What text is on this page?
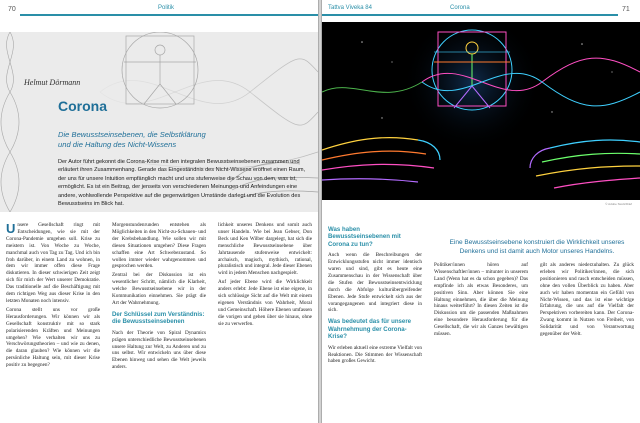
70	Politik
Helmut Dörmann
Corona
Die Bewusstseinsebenen, die Selbstklärung
und die Haltung des Nicht-Wissens

Der Autor führt gekonnt die Corona-Krise mit den integralen Bewusstseinsebenen zusammen und erläutert ihren Zusammenhang. Gerade das Eingeständnis des Nicht-Wissens eröffnet einen Raum, der uns für unsere Intuition empfänglich macht und uns stufenweise die Schau von dem, was ist, ermöglicht. Es ist ein Beitrag, der jenseits von verschiedenen Meinungen und Anfeindungen eine andere, wohlwollende Perspektive auf die gegenwärtigen Umstände darlegt und die Evolution des Bewusstseins im Blick hat.

Unsere Gesellschaft ringt mit Entscheidungen, wie sie mit der Corona-Pandemie umgehen soll. Krise zu meistern ist. Von Woche zu Woche, manchmal auch von Tag zu Tag. Und ich bin froh darüber, in einem Land zu wohnen, in dem wir immer offen diese Frage diskutieren. In dieser schwierigen Zeit zeigt sich für mich der Wert unserer Demokratie. Das traditionelle auf die Beschäftigung mit dem richtigen Weg aus dieser Krise in den letzten Monaten noch intensiv.

Corona stellt uns vor große Herausforderungen. Wir können wir als Gesellschaft konstruktiv mit so stark polarisierenden Kräften und Meinungen umgehen? Wie verhalten wir uns zu Verschwörungstheorien – und wie zu denen, die daran glauben? Wie können wir die persönliche Haltung sein, mit dieser Krise positiv zu begegnen?

Morgenstundenrunden entstehen als Möglichkeiten in den Nicht-zu-Schauen- und der Krebsbehandlung. Wie sollen wir mit diesen Situationen umgehen? Diese Fragen schaffen eine Art Schwebezustand. So wollen immer wieder wahrgenommen und gesprochen werden.

Zentral bei der Diskussion ist ein wesentlicher Schritt, nämlich die Klarheit, welche Bewusstseinsebene wir in der Kommunikation einnehmen. Sie prägt die Art der Wahrnehmung.

Der Schlüssel zum Verständnis: die Bewusstseinsebenen

Nach der Theorie von Spiral Dynamics prägen unterschiedliche Bewusstseinsebenen unsere Haltung zur Welt, zu Anderen und zu uns selbst. Wir entwickeln uns über diese Ebenen hinweg und sehen die Welt jeweils anders.

lichkeit unseres Denkens und somit auch unser Handeln. Wie bei Jean Gebser, Don Beck und Ken Wilber dargelegt, hat sich die menschliche Bewusstseinsebene über Jahrtausende stufenweise entwickelt: archaisch, magisch, mythisch, rational, pluralistisch und integral. Jede dieser Ebenen wird in jedem Menschen nachgespielt.

Auf jeder Ebene wird die Wirklichkeit anders erlebt: Jede Ebene ist eine eigene, in sich schlüssige Sicht auf die Welt mit einem eigenen Verständnis von Wahrheit, Moral und Gemeinschaft. Höhere Ebenen umfassen die vorigen und gehen über sie hinaus, ohne sie zu verwerfen.

Tattva Viveka 84	Corona	71
© Adobe Stock/Dilef
Eine Bewusstseinsebene konstruiert die Wirklichkeit unseres Denkens und ist damit auch Motor unseres Handelns.
Was haben Bewusstseinsebenen mit Corona zu tun?

Auch wenn die Beschreibungen der Entwicklungsstufen nicht immer identisch waren und sind, gibt es heute eine Zusammenschau in der Wissenschaft über die Stufen der Bewusstseinsentwicklung durch die Abfolge kulturübergreifender Ebenen. Jede Stufe entwickelt sich aus der vorangegangenen und integriert diese in sich.

Was bedeutet das für unsere Wahrnehmung der Corona-Krise?

Wir erleben aktuell eine extreme Vielfalt von Reaktionen. Die Stimmen der Wissenschaft haben großes Gewicht.

Politiker/innen hören auf Wissenschaftler/innen – mitunter in unserem Land (Wenn hat es da schon gegeben)? Das empfinde ich als etwas Besonderes, um positiven Sinn. Aber können Sie eine Haltung einnehmen, die über die Meinung hinaus weiterführt? In diesen Zeiten ist die Diskussion um die passenden Maßnahmen eine besondere Herausforderung für die Gesellschaft, die wir als Ganzes bewältigen müssen.

gilt als anderes niederzuhalten. Zu glück erleben wir Politiker/innen, die sich positionieren und rasch entscheiden müssen, ohne den vollen Überblick zu haben. Aber auch wir haben momentan ein Gefühl von Nicht-Wissen, und das ist eine wichtige Erfahrung, die uns auf die Vielfalt der Perspektiven vorbereiten kann. Der Corona-Zwang kommt in Nutzen von Freiheit, von Solidarität und von Verantwortung gegenüber der Welt.
